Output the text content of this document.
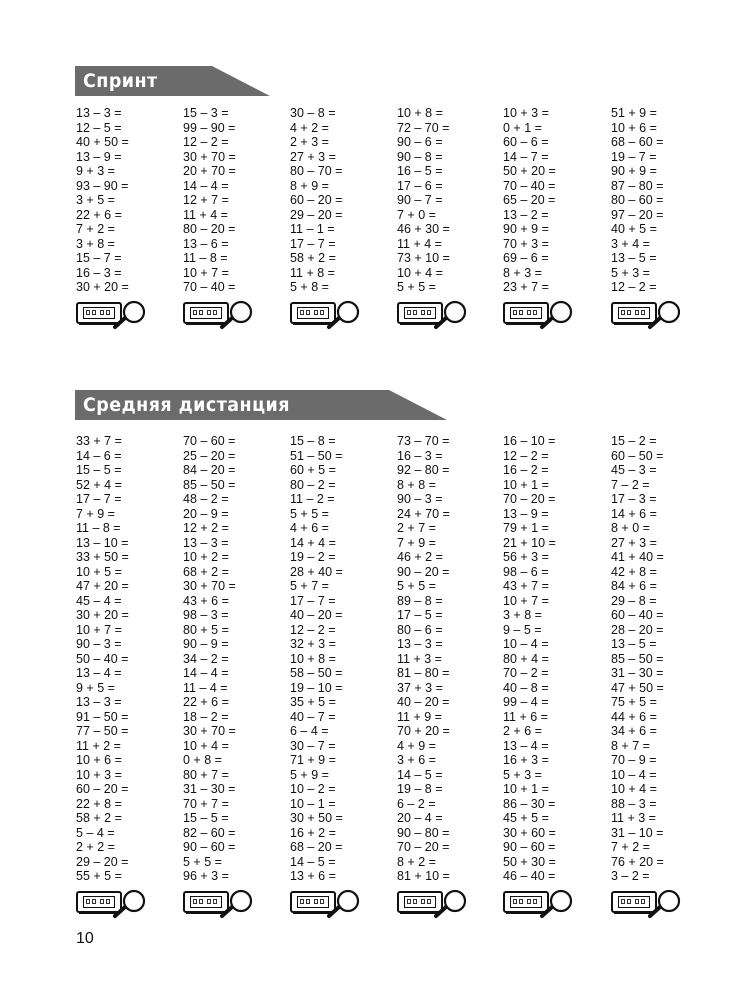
Спринт
13 – 3 =
12 – 5 =
40 + 50 =
13 – 9 =
9 + 3 =
93 – 90 =
3 + 5 =
22 + 6 =
7 + 2 =
3 + 8 =
15 – 7 =
16 – 3 =
30 + 20 =
15 – 3 =
99 – 90 =
12 – 2 =
30 + 70 =
20 + 70 =
14 – 4 =
12 + 7 =
11 + 4 =
80 – 20 =
13 – 6 =
11 – 8 =
10 + 7 =
70 – 40 =
30 – 8 =
4 + 2 =
2 + 3 =
27 + 3 =
80 – 70 =
8 + 9 =
60 – 20 =
29 – 20 =
11 – 1 =
17 – 7 =
58 + 2 =
11 + 8 =
5 + 8 =
10 + 8 =
72 – 70 =
90 – 6 =
90 – 8 =
16 – 5 =
17 – 6 =
90 – 7 =
7 + 0 =
46 + 30 =
11 + 4 =
73 + 10 =
10 + 4 =
5 + 5 =
10 + 3 =
0 + 1 =
60 – 6 =
14 – 7 =
50 + 20 =
70 – 40 =
65 – 20 =
13 – 2 =
90 + 9 =
70 + 3 =
69 – 6 =
8 + 3 =
23 + 7 =
51 + 9 =
10 + 6 =
68 – 60 =
19 – 7 =
90 + 9 =
87 – 80 =
80 – 60 =
97 – 20 =
40 + 5 =
3 + 4 =
13 – 5 =
5 + 3 =
12 – 2 =
Средняя дистанция
33 + 7 =
14 – 6 =
15 – 5 =
52 + 4 =
17 – 7 =
7 + 9 =
11 – 8 =
13 – 10 =
33 + 50 =
10 + 5 =
47 + 20 =
45 – 4 =
30 + 20 =
10 + 7 =
90 – 3 =
50 – 40 =
13 – 4 =
9 + 5 =
13 – 3 =
91 – 50 =
77 – 50 =
11 + 2 =
10 + 6 =
10 + 3 =
60 – 20 =
22 + 8 =
58 + 2 =
5 – 4 =
2 + 2 =
29 – 20 =
55 + 5 =
70 – 60 =
25 – 20 =
84 – 20 =
85 – 50 =
48 – 2 =
20 – 9 =
12 + 2 =
13 – 3 =
10 + 2 =
68 + 2 =
30 + 70 =
43 + 6 =
98 – 3 =
80 + 5 =
90 – 9 =
34 – 2 =
14 – 4 =
11 – 4 =
22 + 6 =
18 – 2 =
30 + 70 =
10 + 4 =
0 + 8 =
80 + 7 =
31 – 30 =
70 + 7 =
15 – 5 =
82 – 60 =
90 – 60 =
5 + 5 =
96 + 3 =
15 – 8 =
51 – 50 =
60 + 5 =
80 – 2 =
11 – 2 =
5 + 5 =
4 + 6 =
14 + 4 =
19 – 2 =
28 + 40 =
5 + 7 =
17 – 7 =
40 – 20 =
12 – 2 =
32 + 3 =
10 + 8 =
58 – 50 =
19 – 10 =
35 + 5 =
40 – 7 =
6 – 4 =
30 – 7 =
71 + 9 =
5 + 9 =
10 – 2 =
10 – 1 =
30 + 50 =
16 + 2 =
68 – 20 =
14 – 5 =
13 + 6 =
73 – 70 =
16 – 3 =
92 – 80 =
8 + 8 =
90 – 3 =
24 + 70 =
2 + 7 =
7 + 9 =
46 + 2 =
90 – 20 =
5 + 5 =
89 – 8 =
17 – 5 =
80 – 6 =
13 – 3 =
11 + 3 =
81 – 80 =
37 + 3 =
40 – 20 =
11 + 9 =
70 + 20 =
4 + 9 =
3 + 6 =
14 – 5 =
19 – 8 =
6 – 2 =
20 – 4 =
90 – 80 =
70 – 20 =
8 + 2 =
81 + 10 =
16 – 10 =
12 – 2 =
16 – 2 =
10 + 1 =
70 – 20 =
13 – 9 =
79 + 1 =
21 + 10 =
56 + 3 =
98 – 6 =
43 + 7 =
10 + 7 =
3 + 8 =
9 – 5 =
10 – 4 =
80 + 4 =
70 – 2 =
40 – 8 =
99 – 4 =
11 + 6 =
2 + 6 =
13 – 4 =
16 + 3 =
5 + 3 =
10 + 1 =
86 – 30 =
45 + 5 =
30 + 60 =
90 – 60 =
50 + 30 =
46 – 40 =
15 – 2 =
60 – 50 =
45 – 3 =
7 – 2 =
17 – 3 =
14 + 6 =
8 + 0 =
27 + 3 =
41 + 40 =
42 + 8 =
84 + 6 =
29 – 8 =
60 – 40 =
28 – 20 =
13 – 5 =
85 – 50 =
31 – 30 =
47 + 50 =
75 + 5 =
44 + 6 =
34 + 6 =
8 + 7 =
70 – 9 =
10 – 4 =
10 + 4 =
88 – 3 =
11 + 3 =
31 – 10 =
7 + 2 =
76 + 20 =
3 – 2 =
10
